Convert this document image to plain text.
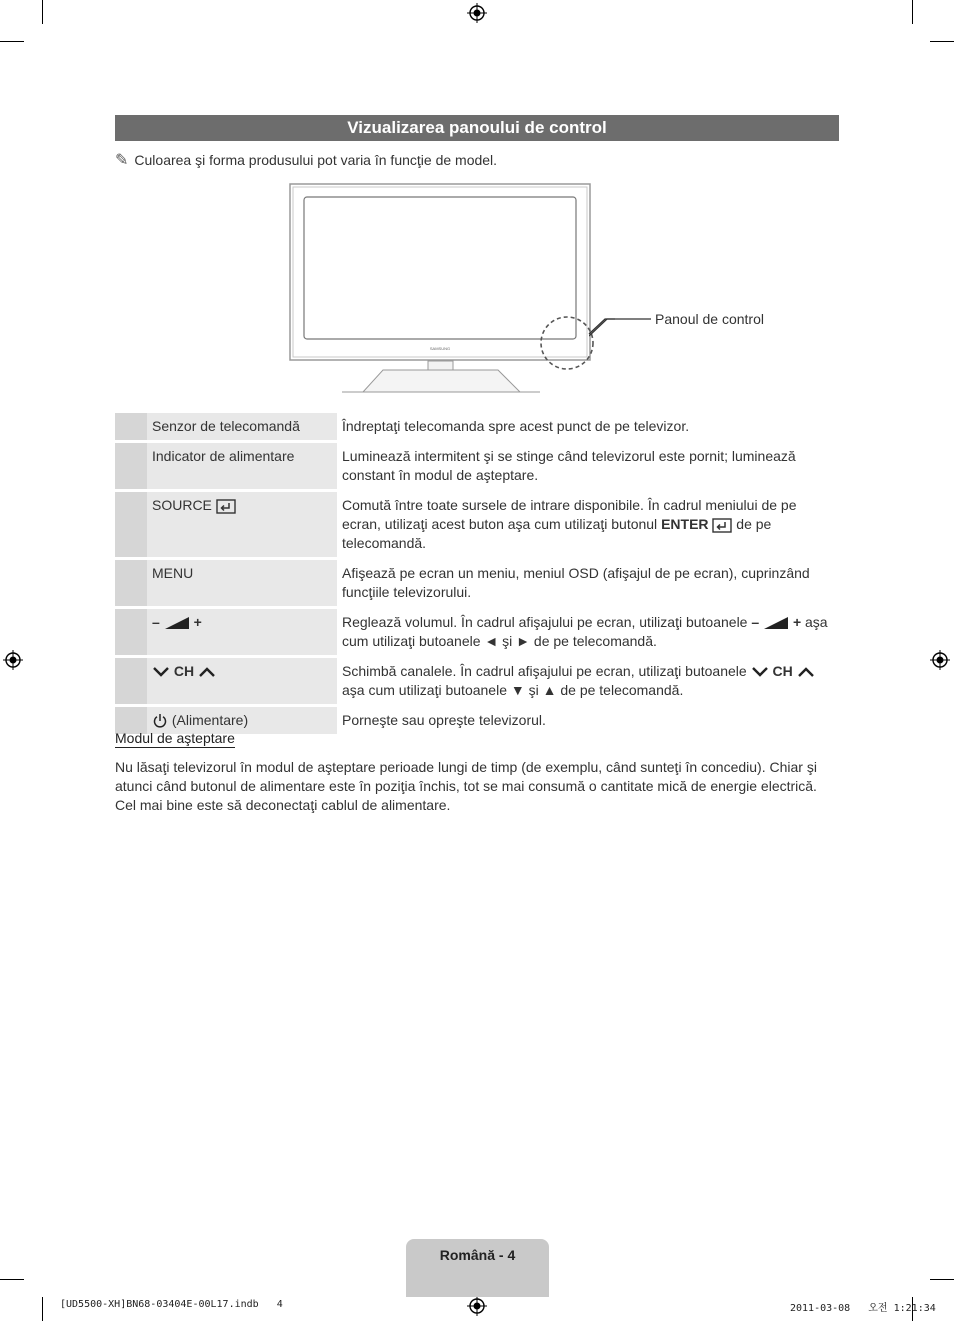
Vizualizarea panoului de control
✎ Culoarea şi forma produsului pot varia în funcţie de model.
SAMSUNG
Panoul de control
	Senzor de telecomandă	Îndreptaţi telecomanda spre acest punct de pe televizor.
	Indicator de alimentare	Luminează intermitent şi se stinge când televizorul este pornit; luminează constant în modul de aşteptare.
	SOURCE	Comută între toate sursele de intrare disponibile. În cadrul meniului de pe ecran, utilizaţi acest buton aşa cum utilizaţi butonul ENTER  de pe telecomandă.
	MENU	Afişează pe ecran un meniu, meniul OSD (afişajul de pe ecran), cuprinzând funcţiile televizorului.
	– +	Reglează volumul. În cadrul afişajului pe ecran, utilizaţi butoanele – + aşa cum utilizaţi butoanele ◄ şi ► de pe telecomandă.
	CH	Schimbă canalele. În cadrul afişajului pe ecran, utilizaţi butoanele  CH  aşa cum utilizaţi butoanele ▼ şi ▲ de pe telecomandă.
	(Alimentare)	Porneşte sau opreşte televizorul.
Modul de aşteptare
Nu lăsaţi televizorul în modul de aşteptare perioade lungi de timp (de exemplu, când sunteţi în concediu). Chiar şi atunci când butonul de alimentare este în poziţia închis, tot se mai consumă o cantitate mică de energie electrică. Cel mai bine este să deconectaţi cablul de alimentare.
Română - 4
[UD5500-XH]BN68-03404E-00L17.indb   4	2011-03-08   오전 1:21:34
